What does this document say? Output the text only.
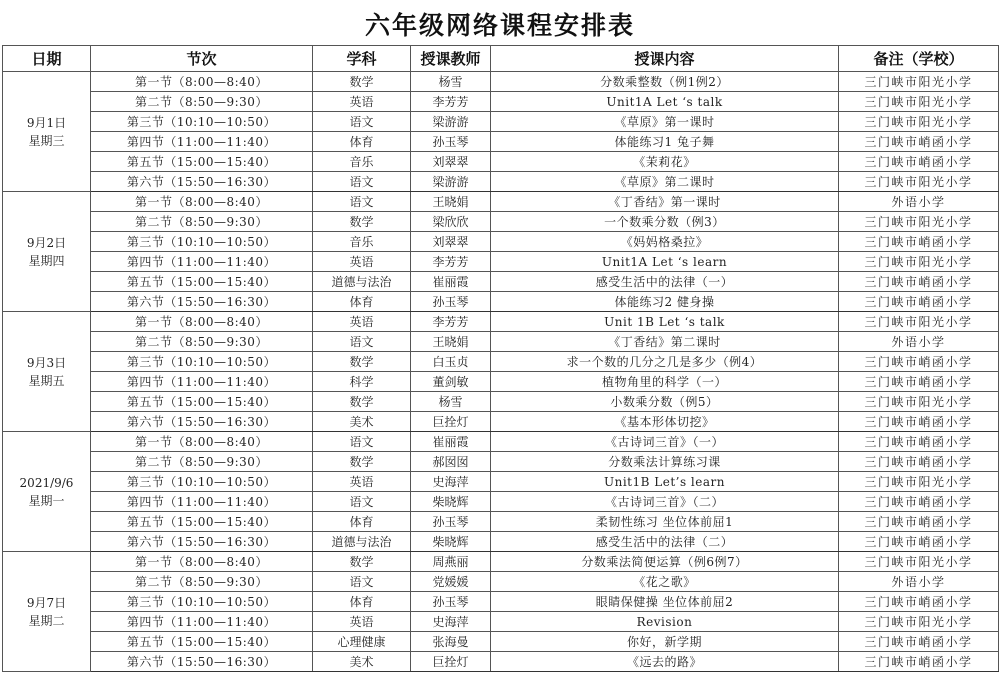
六年级网络课程安排表
日期	节次	学科	授课教师	授课内容	备注（学校）

9月1日
星期三	第一节（8:00—8:40）	数学	杨雪	分数乘整数（例1例2）	三门峡市阳光小学
	第二节（8:50—9:30）	英语	李芳芳	Unit1A Let ‘s talk	三门峡市阳光小学
	第三节（10:10—10:50）	语文	梁游游	《草原》第一课时	三门峡市阳光小学
	第四节（11:00—11:40）	体育	孙玉琴	体能练习1 兔子舞	三门峡市峭函小学
	第五节（15:00—15:40）	音乐	刘翠翠	《茉莉花》	三门峡市峭函小学
	第六节（15:50—16:30）	语文	梁游游	《草原》第二课时	三门峡市阳光小学

9月2日
星期四	第一节（8:00—8:40）	语文	王晓娟	《丁香结》第一课时	外语小学
	第二节（8:50—9:30）	数学	梁欣欣	一个数乘分数（例3）	三门峡市阳光小学
	第三节（10:10—10:50）	音乐	刘翠翠	《妈妈格桑拉》	三门峡市峭函小学
	第四节（11:00—11:40）	英语	李芳芳	Unit1A Let ‘s learn	三门峡市阳光小学
	第五节（15:00—15:40）	道德与法治	崔丽霞	感受生活中的法律（一）	三门峡市峭函小学
	第六节（15:50—16:30）	体育	孙玉琴	体能练习2 健身操	三门峡市峭函小学

9月3日
星期五	第一节（8:00—8:40）	英语	李芳芳	Unit 1B Let ‘s talk	三门峡市阳光小学
	第二节（8:50—9:30）	语文	王晓娟	《丁香结》第二课时	外语小学
	第三节（10:10—10:50）	数学	白玉贞	求一个数的几分之几是多少（例4）	三门峡市峭函小学
	第四节（11:00—11:40）	科学	董剑敏	植物角里的科学（一）	三门峡市峭函小学
	第五节（15:00—15:40）	数学	杨雪	小数乘分数（例5）	三门峡市阳光小学
	第六节（15:50—16:30）	美术	巨拴灯	《基本形体切挖》	三门峡市峭函小学

2021/9/6
星期一	第一节（8:00—8:40）	语文	崔丽霞	《古诗词三首》（一）	三门峡市峭函小学
	第二节（8:50—9:30）	数学	郝囡囡	分数乘法计算练习课	三门峡市峭函小学
	第三节（10:10—10:50）	英语	史海萍	Unit1B Let’s learn	三门峡市阳光小学
	第四节（11:00—11:40）	语文	柴晓辉	《古诗词三首》（二）	三门峡市峭函小学
	第五节（15:00—15:40）	体育	孙玉琴	柔韧性练习 坐位体前屈1	三门峡市峭函小学
	第六节（15:50—16:30）	道德与法治	柴晓辉	感受生活中的法律（二）	三门峡市峭函小学

9月7日
星期二	第一节（8:00—8:40）	数学	周燕丽	分数乘法简便运算（例6例7）	三门峡市阳光小学
	第二节（8:50—9:30）	语文	党媛媛	《花之歌》	外语小学
	第三节（10:10—10:50）	体育	孙玉琴	眼睛保健操 坐位体前屈2	三门峡市峭函小学
	第四节（11:00—11:40）	英语	史海萍	Revision	三门峡市阳光小学
	第五节（15:00—15:40）	心理健康	张海曼	你好，新学期	三门峡市峭函小学
	第六节（15:50—16:30）	美术	巨拴灯	《远去的路》	三门峡市峭函小学
